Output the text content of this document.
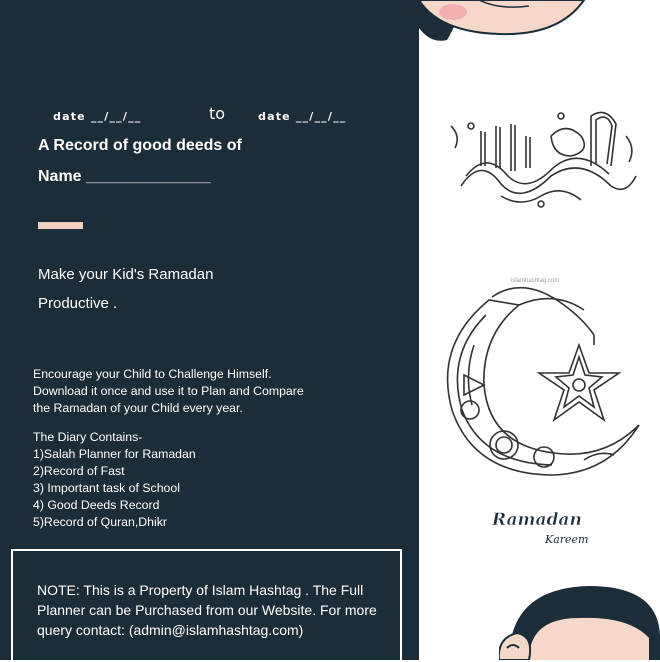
date __/__/__	to	date __/__/__
A Record of good deeds of
Name ______________
Make your Kid's Ramadan
Productive .
Encourage your Child to Challenge Himself.
Download it once and use it to Plan and Compare
the Ramadan of your Child every year.
The Diary Contains-
1)Salah Planner for Ramadan
2)Record of Fast
3) Important task of School
4) Good Deeds Record
5)Record of Quran,Dhikr
NOTE: This is a Property of Islam Hashtag . The Full Planner can be Purchased from our Website. For more query contact: (admin@islamhashtag.com)
islamhashtag.com
Ramadan
Kareem
